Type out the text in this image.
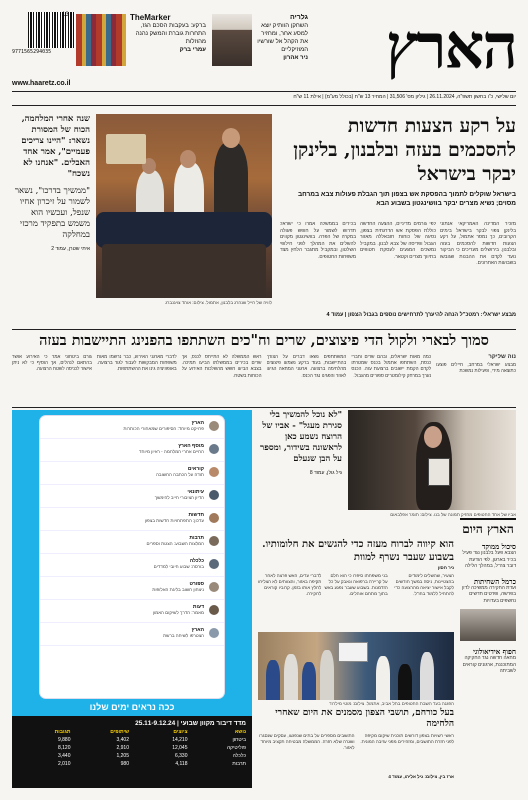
הארץ
גלריה
השחקן הוותיק יוצא למסע אחר, ומחזיר את הקהל אל שורשיו המוזיקליים
ניר אהרון
TheMarker
ברקע: בעקבות הסכם הגז, התחרות גוברת והמשק נהנה מהוזלות
עמרי ברק
9771565294035
13
www.haaretz.co.il
יום שלישי, כ"ו בחשון תשפ"ה, 26.11.2024 | גיליון מס' 31,506 | המחיר 13 ש"ח (בכולל מע"מ) | אילת 11 ש"ח
על רקע הצעות חדשות להסכמים בעזה ובלבנון, בלינקן יבקר בישראל
בישראל שוקלים לתמוך בהפסקת אש בצפון תוך הגבלת פעולות צבא במרחב מסוים; נשיא מצרים יבקר בוושינגטון בשבוע הבא
מזכיר המדינה האמריקאי אנתוני בלינקן צפוי לבקר בישראל בימים הקרובים, כך נמסר אתמול, על רקע הצעות חדשות להסכמים בעזה ובלבנון. בירושלים מעריכים כי הביקור נועד לקדם את ההבנות שגובשו בשבועות האחרונים.
לפי גורמים מדיניים, ההצעה החדשה כוללת הפסקת אש הדרגתית בצפון, נסיגה של כוחות חזבאללה מאזור הגבול ופריסה של צבא לבנון. במקביל נמשכים המגעים לעסקת חטופים בתיווך מצרים וקטאר.
בכירים בממשלה אמרו כי ישראל תדרוש לשמור על חופש פעולה במקרה של הפרה. בוושינגטון מקווים להשלים את המהלך לפני חילופי השלטון, ובמקביל מתגבר הלחץ מצד משפחות החטופים.
מבצע ישראלי: רמטכ"ל הנחה להיערך לתרחישים נוספים בגבול הצפון | עמוד 4
לוויה של חייל שנהרג בלבנון, אתמול. צילום: אוהד צויגנברג
שנה אחרי המלחמה, הכוח של המסורת נשאר: "היינו צריכים פעמיים", אמר אחד האבלים. "אנחנו לא נשכח"
"ממשיך בדרכו", נשאר לשמור על זיכרון אחיו שנפל, ועכשיו הוא משמש בתפקיד מרכזי במחלקה
איתי שטרן, עמוד 2
סמוך לבארי ולקול הדי פיצוצים, שרים וח"כים השתתפו בהפנינג התיישבות בעזה
נוה שליקר
מבצע ישראלי במרחב, חיילים פוצעו כתוצאה מירי, ופעילות נמשכת
כמה מאות ישראלים, ובהם שרים וחברי כנסת, השתתפו אתמול בכנס שמטרתו לקדם הקמת יישובים ברצועת עזה. הכנס נערך במרחק קילומטרים ספורים מהגבול.
המשתתפים נשאו דברים על הצורך בהתיישבות, בעוד ברקע נשמעו פיצוצים מהלחימה ברצועה. ארגוני המחאה הגיעו לאזור והפגינו נגד הכנס.
ראש הממשלה לא התייחס לכנס, אך שרים בכירים בממשלתו הביעו תמיכה. בצבא הביעו חשש מהשלכות האירוע על הכוחות בשטח.
לדברי מארגני האירוע, כבר נרשמו מאות משפחות המבקשות לעבור לגור ברצועה. באופוזיציה גינו את ההשתתפות.
גורם ביטחוני אמר כי האירוע אושר בהתאם לנהלים, אך הוסיף כי לא ניתן אישור לכניסה לשטח הרצועה.
הארץ
פרויקט מיוחד: הסיפורים שמאחורי הכותרות
מוסף הארץ
החיים אחרי המלחמה - ראיון מיוחד
קוראים
תודה על הכתבה החשובה
עיתונאי
הדיון הציבורי חייב להימשך
חדשות
עדכון: התפתחויות חדשות בצפון
תרבות
המלצות השבוע: הצגות וספרים
כלכלה
בורסה: שבוע חיובי למדדים
ספורט
ניצחון חשוב בליגת האלופות
דעות
מאמר: הדרך לשיקום האמון
הארץ
הצטרפו לשיחה ברשת
ככה נראים ימים שלנו
מדד דיבור מקוון שבועי | 25.11-9.12.24
נושא
ציוצים
שיתופים
תגובות
ביטחון
14,210
3,402
9,880
פוליטיקה
12,045
2,910
8,120
כלכלה
6,330
1,205
3,440
תרבות
4,118
980
2,010
"לא נוכל להמשיך בלי סגירת מעגל" - אביו של הרוצח נשמע כאן לראשונה בשידור, ומספר על הבן שנעלם
גיל גולן, עמוד 8
אביו של אחד החטופים מחזיק תמונה של בנו. צילום: תומר אפלבאום
הארץ היום
סיכול ממוקד
הצבא פעל בלבנון נגד פעיל בכיר בארגון, לפי הודעת דובר צה"ל, במהלך הלילה
כרמל השחיתות
ועדת החקירה ממשיכה לדון בפרשה, ופרטים חדשים נחשפים בעדויות
חפוף אידיאולוגי
מחאה חדשה נגד החקיקה המתוכננת, ארגונים קוראים לשביתה
הוא קיווה לברוח מעזה כדי להגשים את חלומותיו. בשבוע שעבר נשרף למוות
ניר חסון
הצעיר, שהשלים לימודים בהצטיינות, ניסה במשך חודשים לקבל אישור יציאה מהרצועה כדי להתחיל ללמוד בחו"ל.
בני משפחתו סיפרו כי הוא חלם על קריירה ברפואה ונאבק על כל הזדמנות. בשבוע שעבר נפגע באש בתוך מתחם אוהלים.
לדברי עדים, האש פרצה לאחר תקיפה באזור, והצוותים לא הצליחו לחלץ אותו בזמן. קרוביו קוראים לחקירה.
הפגנה בעד השבת החטופים בתל אביב, אתמול. צילום: מוטי מילרוד
בעל כורחם, תושבי הצפון מסמנים את היום שאחרי הלחימה
ראשי רשויות בצפון דורשים תוכנית שיקום מקיפה לפני חזרת התושבים, ומזהירים מפני עזיבה המונית.
התושבים מספרים על בתים שנפגעו, עסקים שנסגרו ושגרה שלא חזרה. הממשלה מבטיחה תקציב מיוחד לאזור.
ארז בין, צילום: גיל אליהו, עמוד 4
